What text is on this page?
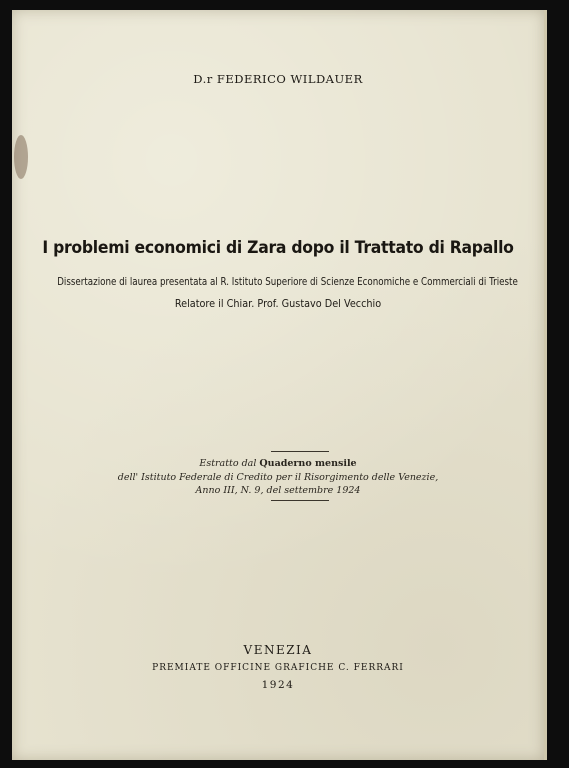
D.r FEDERICO WILDAUER
I problemi economici di Zara dopo il Trattato di Rapallo
Dissertazione di laurea presentata al R. Istituto Superiore di Scienze Economiche e Commerciali di Trieste
Relatore il Chiar. Prof. Gustavo Del Vecchio
Estratto dal Quaderno mensile
dell' Istituto Federale di Credito per il Risorgimento delle Venezie,
Anno III, N. 9, del settembre 1924
VENEZIA
PREMIATE OFFICINE GRAFICHE C. FERRARI
1924
